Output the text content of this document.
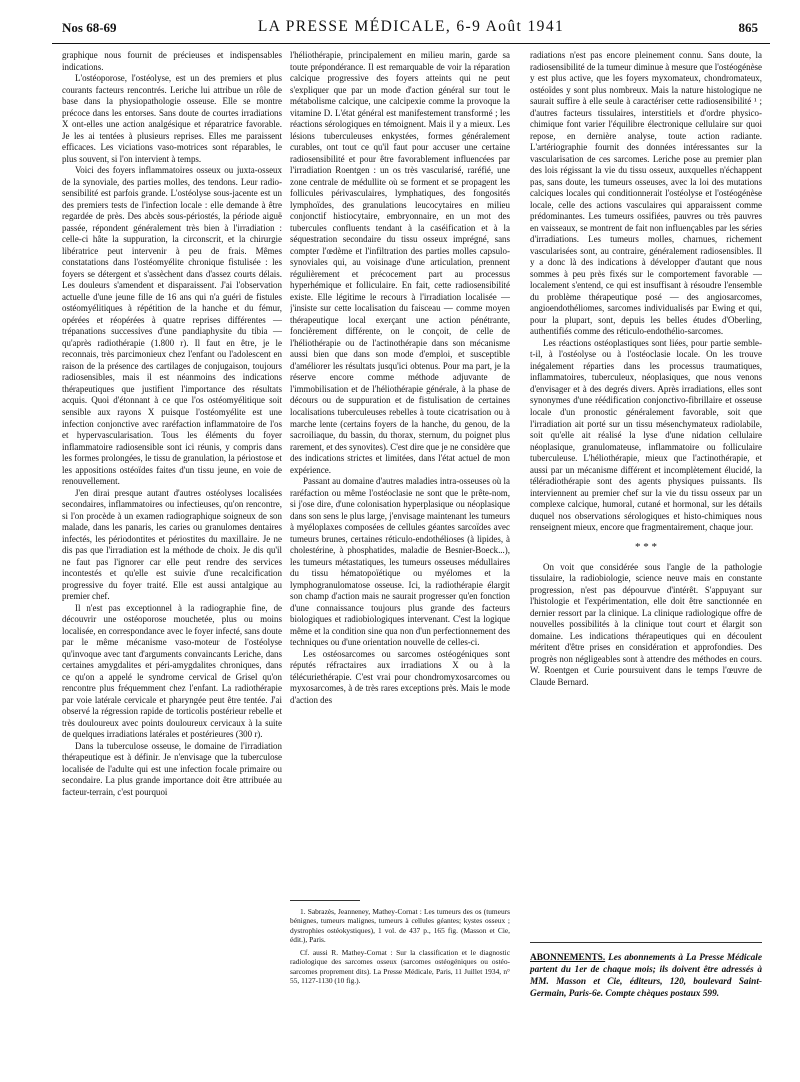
Nos 68-69	LA PRESSE MÉDICALE, 6-9 Août 1941	865

graphique nous fournit de précieuses et indispensables indications.

L'ostéoporose, l'ostéolyse, est un des premiers et plus courants facteurs rencontrés. Leriche lui attribue un rôle de base dans la physiopathologie osseuse. Elle se montre précoce dans les entorses. Sans doute de courtes irradiations X ont-elles une action analgésique et réparatrice favorable. Je les ai tentées à plusieurs reprises. Elles me paraissent efficaces. Les viciations vaso-motrices sont réparables, le plus souvent, si l'on intervient à temps.

Voici des foyers inflammatoires osseux ou juxta-osseux de la synoviale, des parties molles, des tendons. Leur radio-sensibilité est parfois grande. L'ostéolyse sous-jacente est un des premiers tests de l'infection locale : elle demande à être regardée de près. Des abcès sous-périostés, la période aiguë passée, répondent généralement très bien à l'irradiation : celle-ci hâte la suppuration, la circonscrit, et la chirurgie libératrice peut intervenir à peu de frais. Mêmes constatations dans l'ostéomyélite chronique fistulisée : les foyers se détergent et s'assèchent dans d'assez courts délais. Les douleurs s'amendent et disparaissent. J'ai l'observation actuelle d'une jeune fille de 16 ans qui n'a guéri de fistules ostéomyélitiques à répétition de la hanche et du fémur, opérées et réopérées à quatre reprises différentes — trépanations successives d'une pandiaphysite du tibia — qu'après radiothérapie (1.800 r). Il faut en être, je le reconnais, très parcimonieux chez l'enfant ou l'adolescent en raison de la présence des cartilages de conjugaison, toujours radiosensibles, mais il est néanmoins des indications thérapeutiques que justifient l'importance des résultats acquis. Quoi d'étonnant à ce que l'os ostéomyélitique soit sensible aux rayons X puisque l'ostéomyélite est une infection conjonctive avec raréfaction inflammatoire de l'os et hypervascularisation. Tous les éléments du foyer inflammatoire radiosensible sont ici réunis, y compris dans les formes prolongées, le tissu de granulation, la périostose et les appositions ostéoïdes faites d'un tissu jeune, en voie de renouvellement.

J'en dirai presque autant d'autres ostéolyses localisées secondaires, inflammatoires ou infectieuses, qu'on rencontre, si l'on procède à un examen radiographique soigneux de son malade, dans les panaris, les caries ou granulomes dentaires infectés, les périodontites et périostites du maxillaire. Je ne dis pas que l'irradiation est la méthode de choix. Je dis qu'il ne faut pas l'ignorer car elle peut rendre des services incontestés et qu'elle est suivie d'une recalcification progressive du foyer traité. Elle est aussi antalgique au premier chef.

Il n'est pas exceptionnel à la radiographie fine, de découvrir une ostéoporose mouchetée, plus ou moins localisée, en correspondance avec le foyer infecté, sans doute par le même mécanisme vaso-moteur de l'ostéolyse qu'invoque avec tant d'arguments convaincants Leriche, dans certaines amygdalites et péri-amygdalites chroniques, dans ce qu'on a appelé le syndrome cervical de Grisel qu'on rencontre plus fréquemment chez l'enfant. La radiothérapie par voie latérale cervicale et pharyngée peut être tentée. J'ai observé la régression rapide de torticolis postérieur rebelle et très douloureux avec points douloureux cervicaux à la suite de quelques irradiations latérales et postérieures (300 r).

Dans la tuberculose osseuse, le domaine de l'irradiation thérapeutique est à définir. Je n'envisage que la tuberculose localisée de l'adulte qui est une infection focale primaire ou secondaire. La plus grande importance doit être attribuée au facteur-terrain, c'est pourquoi

l'héliothérapie, principalement en milieu marin, garde sa toute prépondérance. Il est remarquable de voir la réparation calcique progressive des foyers atteints qui ne peut s'expliquer que par un mode d'action général sur tout le métabolisme calcique, une calcipexie comme la provoque la vitamine D. L'état général est manifestement transformé ; les réactions sérologiques en témoignent. Mais il y a mieux. Les lésions tuberculeuses enkystées, formes généralement curables, ont tout ce qu'il faut pour accuser une certaine radiosensibilité et pour être favorablement influencées par l'irradiation Roentgen : un os très vascularisé, raréfié, une zone centrale de médullite où se forment et se propagent les follicules périvasculaires, lymphatiques, des fongosités lymphoïdes, des granulations leucocytaires en milieu conjonctif histiocytaire, embryonnaire, en un mot des tubercules confluents tendant à la caséification et à la séquestration secondaire du tissu osseux imprégné, sans compter l'œdème et l'infiltration des parties molles capsulo-synoviales qui, au voisinage d'une articulation, prennent régulièrement et précocement part au processus hyperhémique et folliculaire. En fait, cette radiosensibilité existe. Elle légitime le recours à l'irradiation localisée — j'insiste sur cette localisation du faisceau — comme moyen thérapeutique local exerçant une action pénétrante, foncièrement différente, on le conçoit, de celle de l'héliothérapie ou de l'actinothérapie dans son mécanisme aussi bien que dans son mode d'emploi, et susceptible d'améliorer les résultats jusqu'ici obtenus. Pour ma part, je la réserve encore comme méthode adjuvante de l'immobilisation et de l'héliothérapie générale, à la phase de décours ou de suppuration et de fistulisation de certaines localisations tuberculeuses rebelles à toute cicatrisation ou à marche lente (certains foyers de la hanche, du genou, de la sacroiliaque, du bassin, du thorax, sternum, du poignet plus rarement, et des synovites). C'est dire que je ne considère que des indications strictes et limitées, dans l'état actuel de mon expérience.

Passant au domaine d'autres maladies intra-osseuses où la raréfaction ou même l'ostéoclasie ne sont que le prête-nom, si j'ose dire, d'une colonisation hyperplasique ou néoplasique dans son sens le plus large, j'envisage maintenant les tumeurs à myéloplaxes composées de cellules géantes sarcoïdes avec tumeurs brunes, certaines réticulo-endothélioses (à lipides, à cholestérine, à phosphatides, maladie de Besnier-Boeck...), les tumeurs métastatiques, les tumeurs osseuses médullaires du tissu hématopoïétique ou myélomes et la lymphogranulomatose osseuse. Ici, la radiothérapie élargit son champ d'action mais ne saurait progresser qu'en fonction d'une connaissance toujours plus grande des facteurs biologiques et radiobiologiques intervenant. C'est la logique même et la condition sine qua non d'un perfectionnement des techniques ou d'une orientation nouvelle de celles-ci.

Les ostéosarcomes ou sarcomes ostéogéniques sont réputés réfractaires aux irradiations X ou à la télécuriethérapie. C'est vrai pour chondromyxosarcomes ou myxosarcomes, à de très rares exceptions près. Mais le mode d'action des

1. Sabrazès, Jeanneney, Mathey-Cornat : Les tumeurs des os (tumeurs bénignes, tumeurs malignes, tumeurs à cellules géantes; kystes osseux ; dystrophies ostéokystiques), 1 vol. de 437 p., 165 fig. (Masson et Cie, édit.), Paris.

Cf. aussi R. Mathey-Cornat : Sur la classification et le diagnostic radiologique des sarcomes osseux (sarcomes ostéogéniques ou ostéo-sarcomes proprement dits). La Presse Médicale, Paris, 11 Juillet 1934, n° 55, 1127-1130 (10 fig.).

radiations n'est pas encore pleinement connu. Sans doute, la radiosensibilité de la tumeur diminue à mesure que l'ostéogénèse y est plus active, que les foyers myxomateux, chondromateux, ostéoïdes y sont plus nombreux. Mais la nature histologique ne saurait suffire à elle seule à caractériser cette radiosensibilité ¹ ; d'autres facteurs tissulaires, interstitiels et d'ordre physico-chimique font varier l'équilibre électronique cellulaire sur quoi repose, en dernière analyse, toute action radiante. L'artériographie fournit des données intéressantes sur la vascularisation de ces sarcomes. Leriche pose au premier plan des lois régissant la vie du tissu osseux, auxquelles n'échappent pas, sans doute, les tumeurs osseuses, avec la loi des mutations calciques locales qui conditionnerait l'ostéolyse et l'ostéogénèse locale, celle des actions vasculaires qui apparaissent comme prédominantes. Les tumeurs ossifiées, pauvres ou très pauvres en vaisseaux, se montrent de fait non influençables par les séries d'irradiations. Les tumeurs molles, charnues, richement vascularisées sont, au contraire, généralement radiosensibles. Il y a donc là des indications à développer d'autant que nous sommes à peu près fixés sur le comportement favorable — localement s'entend, ce qui est insuffisant à résoudre l'ensemble du problème thérapeutique posé — des angiosarcomes, angioendothéliomes, sarcomes individualisés par Ewing et qui, pour la plupart, sont, depuis les belles études d'Oberling, authentifiés comme des réticulo-endothélio-sarcomes.

Les réactions ostéoplastiques sont liées, pour partie semble-t-il, à l'ostéolyse ou à l'ostéoclasie locale. On les trouve inégalement réparties dans les processus traumatiques, inflammatoires, tuberculeux, néoplasiques, que nous venons d'envisager et à des degrés divers. Après irradiations, elles sont synonymes d'une réédification conjonctivo-fibrillaire et osseuse locale d'un pronostic généralement favorable, soit que l'irradiation ait porté sur un tissu mésenchymateux radiolabile, soit qu'elle ait réalisé la lyse d'une nidation cellulaire néoplasique, granulomateuse, inflammatoire ou folliculaire tuberculeuse. L'héliothérapie, mieux que l'actinothérapie, et aussi par un mécanisme différent et incomplètement élucidé, la téléradiothérapie sont des agents physiques puissants. Ils interviennent au premier chef sur la vie du tissu osseux par un complexe calcique, humoral, cutané et hormonal, sur les détails duquel nos observations sérologiques et histo-chimiques nous renseignent mieux, encore que fragmentairement, chaque jour.

* * *

On voit que considérée sous l'angle de la pathologie tissulaire, la radiobiologie, science neuve mais en constante progression, n'est pas dépourvue d'intérêt. S'appuyant sur l'histologie et l'expérimentation, elle doit être sanctionnée en dernier ressort par la clinique. La clinique radiologique offre de nouvelles possibilités à la clinique tout court et élargit son domaine. Les indications thérapeutiques qui en découlent méritent d'être prises en considération et approfondies. Des progrès non négligeables sont à attendre des méthodes en cours. W. Roentgen et Curie poursuivent dans le temps l'œuvre de Claude Bernard.

ABONNEMENTS. Les abonnements à La Presse Médicale partent du 1er de chaque mois; ils doivent être adressés à MM. Masson et Cie, éditeurs, 120, boulevard Saint-Germain, Paris-6e. Compte chèques postaux 599.
